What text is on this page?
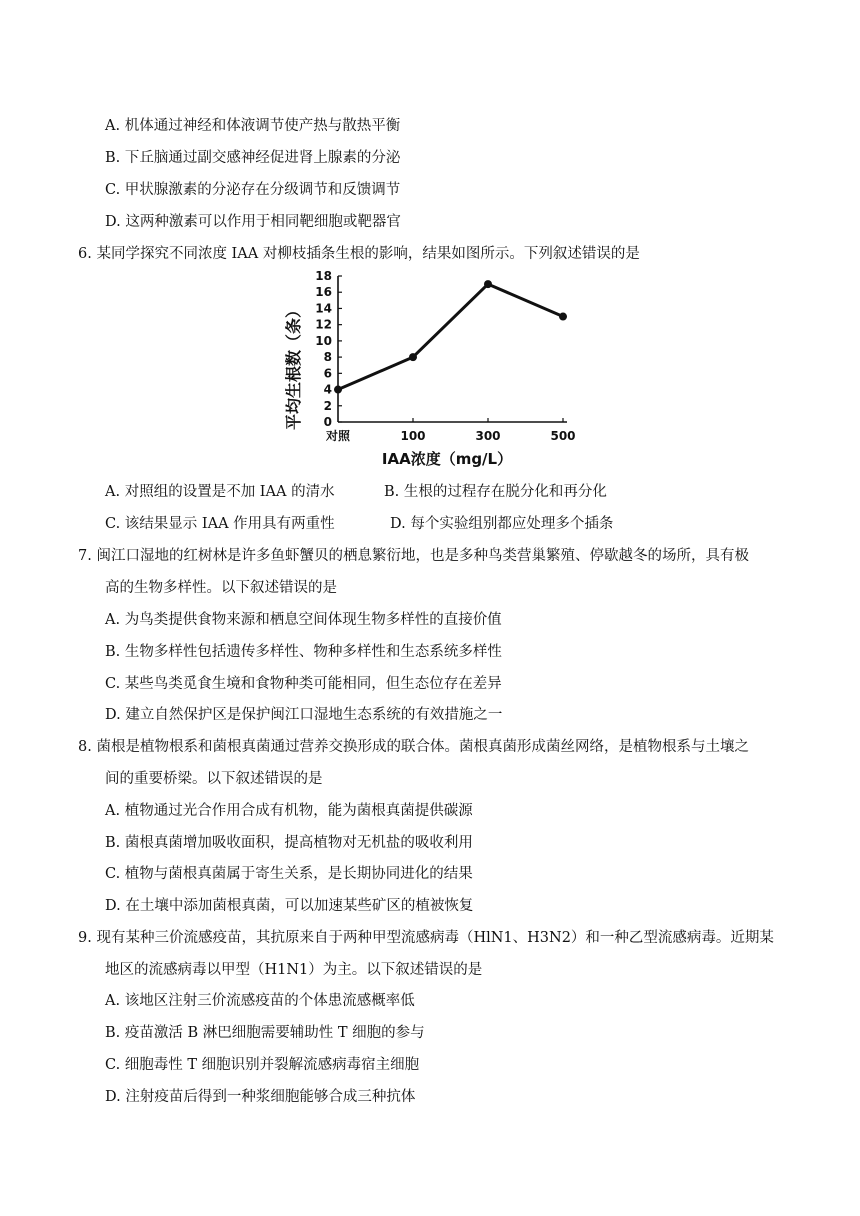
A. 机体通过神经和体液调节使产热与散热平衡
B. 下丘脑通过副交感神经促进肾上腺素的分泌
C. 甲状腺激素的分泌存在分级调节和反馈调节
D. 这两种激素可以作用于相同靶细胞或靶器官
6. 某同学探究不同浓度 IAA 对柳枝插条生根的影响，结果如图所示。下列叙述错误的是
0
2
4
6
8
10
12
14
16
18
对照	100	300	500
平均生根数（条）
IAA浓度（mg/L）
A. 对照组的设置是不加 IAA 的清水	B. 生根的过程存在脱分化和再分化
C. 该结果显示 IAA 作用具有两重性	D. 每个实验组别都应处理多个插条
7. 闽江口湿地的红树林是许多鱼虾蟹贝的栖息繁衍地，也是多种鸟类营巢繁殖、停歇越冬的场所，具有极
高的生物多样性。以下叙述错误的是
A. 为鸟类提供食物来源和栖息空间体现生物多样性的直接价值
B. 生物多样性包括遗传多样性、物种多样性和生态系统多样性
C. 某些鸟类觅食生境和食物种类可能相同，但生态位存在差异
D. 建立自然保护区是保护闽江口湿地生态系统的有效措施之一
8. 菌根是植物根系和菌根真菌通过营养交换形成的联合体。菌根真菌形成菌丝网络，是植物根系与土壤之
间的重要桥梁。以下叙述错误的是
A. 植物通过光合作用合成有机物，能为菌根真菌提供碳源
B. 菌根真菌增加吸收面积，提高植物对无机盐的吸收利用
C. 植物与菌根真菌属于寄生关系，是长期协同进化的结果
D. 在土壤中添加菌根真菌，可以加速某些矿区的植被恢复
9. 现有某种三价流感疫苗，其抗原来自于两种甲型流感病毒（HlN1、H3N2）和一种乙型流感病毒。近期某
地区的流感病毒以甲型（H1N1）为主。以下叙述错误的是
A. 该地区注射三价流感疫苗的个体患流感概率低
B. 疫苗激活 B 淋巴细胞需要辅助性 T 细胞的参与
C. 细胞毒性 T 细胞识别并裂解流感病毒宿主细胞
D. 注射疫苗后得到一种浆细胞能够合成三种抗体
